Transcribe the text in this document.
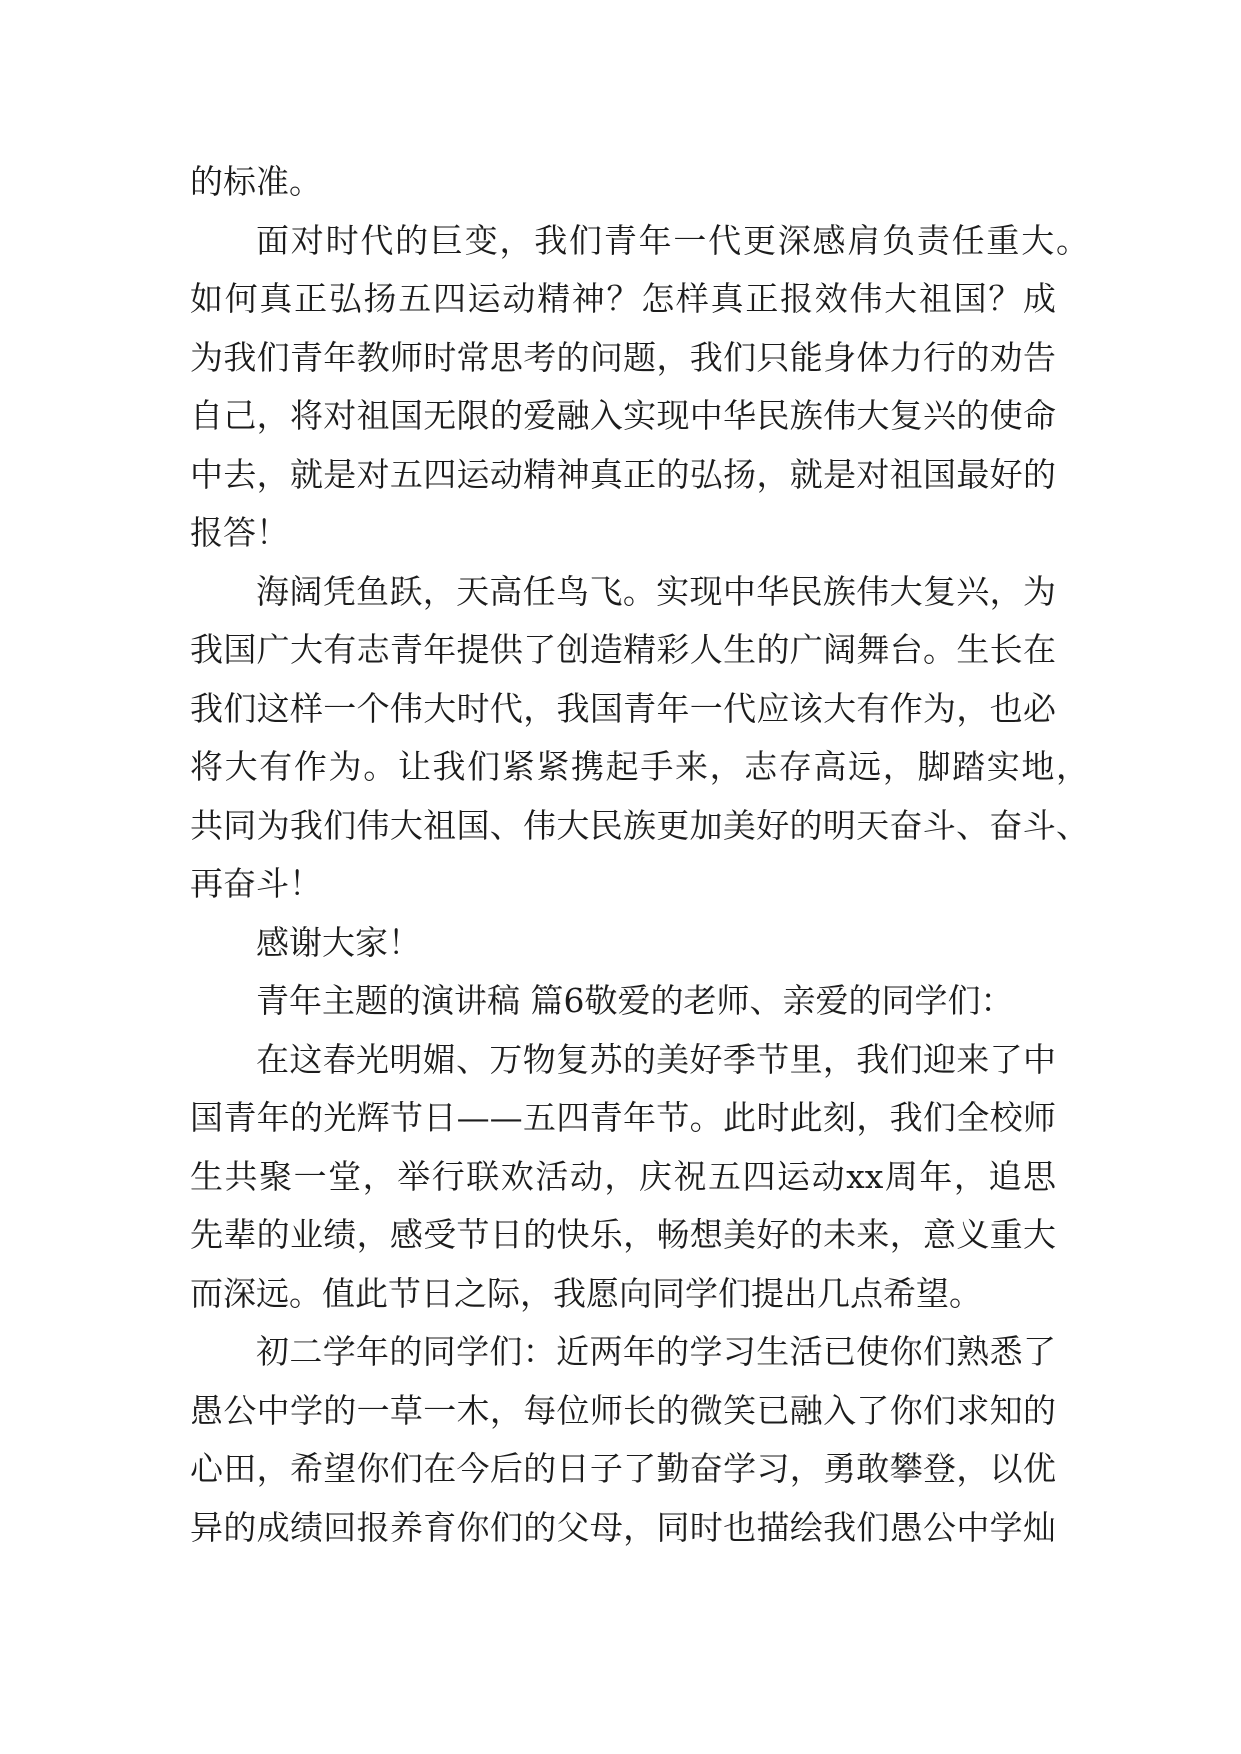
的标准。
面对时代的巨变，我们青年一代更深感肩负责任重大。
如何真正弘扬五四运动精神？怎样真正报效伟大祖国？成
为我们青年教师时常思考的问题，我们只能身体力行的劝告
自己，将对祖国无限的爱融入实现中华民族伟大复兴的使命
中去，就是对五四运动精神真正的弘扬，就是对祖国最好的
报答！
海阔凭鱼跃，天高任鸟飞。实现中华民族伟大复兴，为
我国广大有志青年提供了创造精彩人生的广阔舞台。生长在
我们这样一个伟大时代，我国青年一代应该大有作为，也必
将大有作为。让我们紧紧携起手来，志存高远，脚踏实地，
共同为我们伟大祖国、伟大民族更加美好的明天奋斗、奋斗、
再奋斗！
感谢大家！
青年主题的演讲稿 篇6敬爱的老师、亲爱的同学们：
在这春光明媚、万物复苏的美好季节里，我们迎来了中
国青年的光辉节日——五四青年节。此时此刻，我们全校师
生共聚一堂，举行联欢活动，庆祝五四运动xx周年，追思
先辈的业绩，感受节日的快乐，畅想美好的未来，意义重大
而深远。值此节日之际，我愿向同学们提出几点希望。
初二学年的同学们：近两年的学习生活已使你们熟悉了
愚公中学的一草一木，每位师长的微笑已融入了你们求知的
心田，希望你们在今后的日子了勤奋学习，勇敢攀登，以优
异的成绩回报养育你们的父母，同时也描绘我们愚公中学灿
